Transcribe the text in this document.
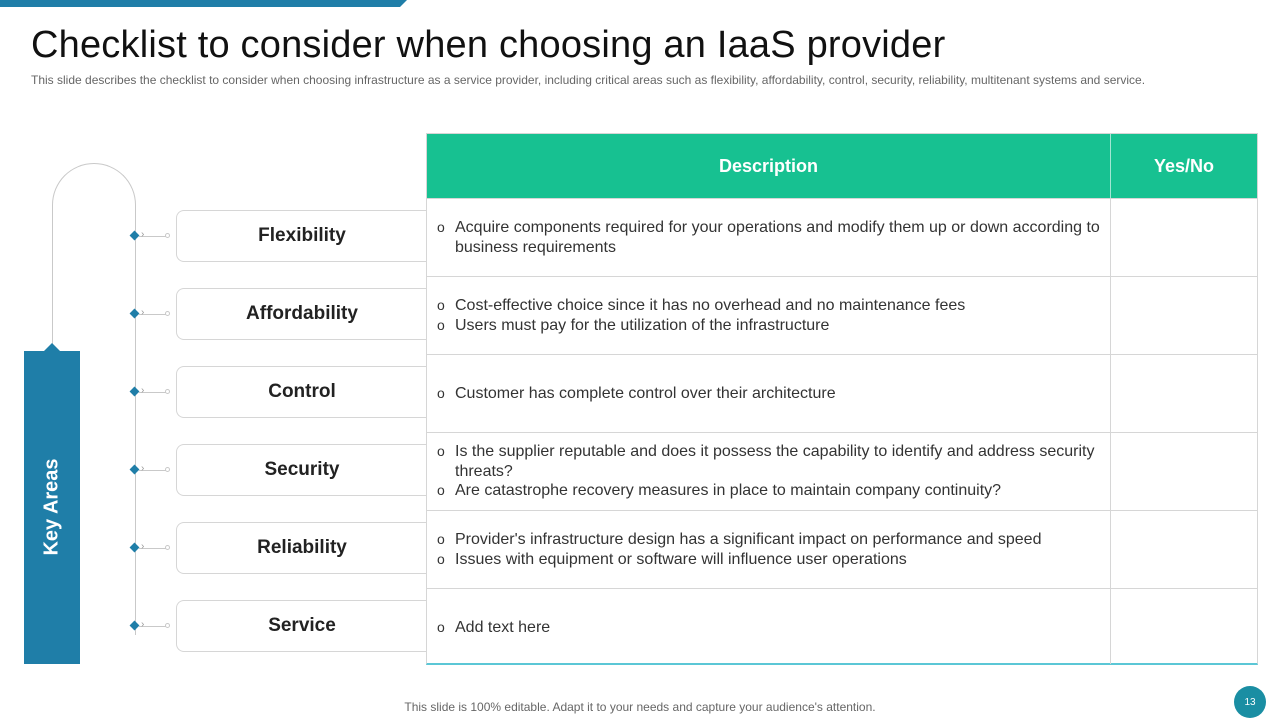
Checklist to consider when choosing an IaaS provider

This slide describes the checklist to consider when choosing infrastructure as a service provider, including critical areas such as flexibility, affordability, control, security, reliability, multitenant systems and service.

Key Areas
›
›
›
›
›
›
Flexibility
Affordability
Control
Security
Reliability
Service
Description	Yes/No
o Acquire components required for your operations and modify them up or down according to business requirements
o Cost-effective choice since it has no overhead and no maintenance fees
o Users must pay for the utilization of the infrastructure
o Customer has complete control over their architecture
o Is the supplier reputable and does it possess the capability to identify and address security threats?
o Are catastrophe recovery measures in place to maintain company continuity?
o Provider's infrastructure design has a significant impact on performance and speed
o Issues with equipment or software will influence user operations
o Add text here
This slide is 100% editable. Adapt it to your needs and capture your audience's attention.	13
